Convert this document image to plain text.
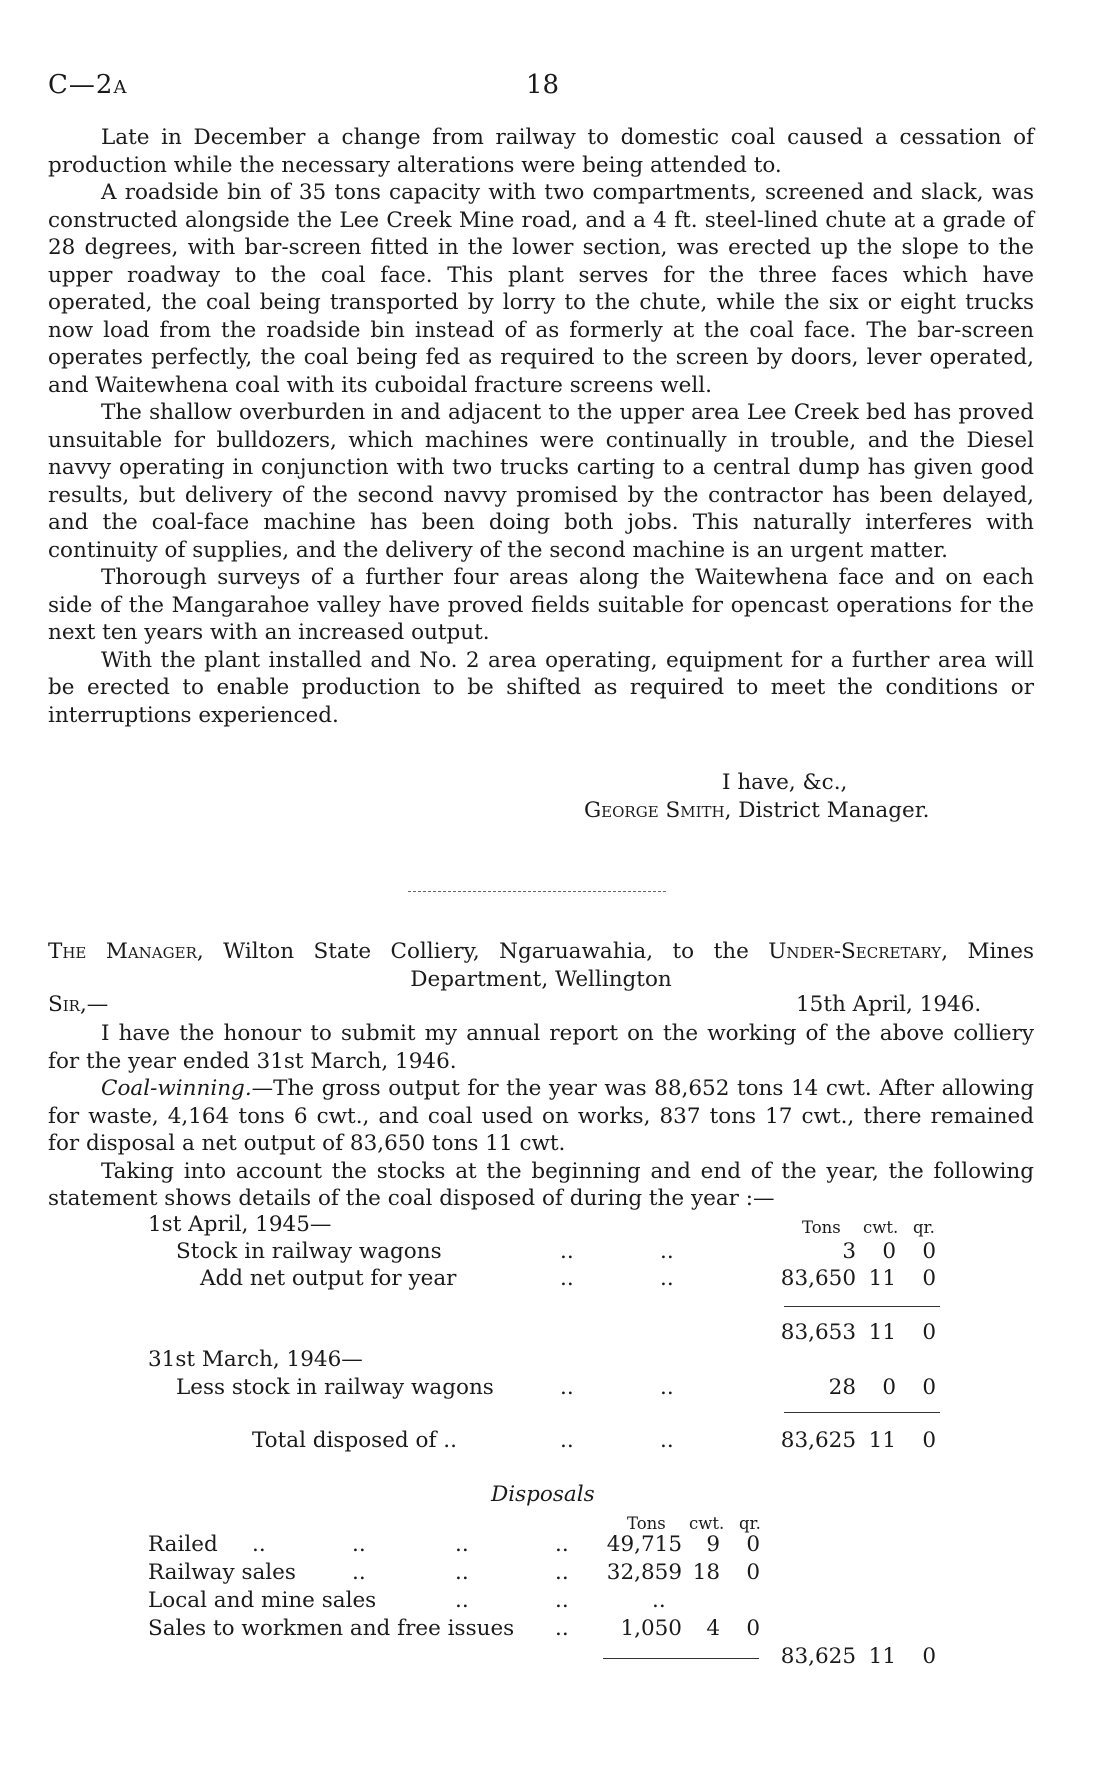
C—2A	18

Late in December a change from railway to domestic coal caused a cessation of production while the necessary alterations were being attended to.

A roadside bin of 35 tons capacity with two compartments, screened and slack, was constructed alongside the Lee Creek Mine road, and a 4 ft. steel-lined chute at a grade of 28 degrees, with bar-screen fitted in the lower section, was erected up the slope to the upper roadway to the coal face. This plant serves for the three faces which have operated, the coal being transported by lorry to the chute, while the six or eight trucks now load from the roadside bin instead of as formerly at the coal face. The bar-screen operates perfectly, the coal being fed as required to the screen by doors, lever operated, and Waitewhena coal with its cuboidal fracture screens well.

The shallow overburden in and adjacent to the upper area Lee Creek bed has proved unsuitable for bulldozers, which machines were continually in trouble, and the Diesel navvy operating in conjunction with two trucks carting to a central dump has given good results, but delivery of the second navvy promised by the contractor has been delayed, and the coal-face machine has been doing both jobs. This naturally interferes with continuity of supplies, and the delivery of the second machine is an urgent matter.

Thorough surveys of a further four areas along the Waitewhena face and on each side of the Mangarahoe valley have proved fields suitable for opencast operations for the next ten years with an increased output.

With the plant installed and No. 2 area operating, equipment for a further area will be erected to enable production to be shifted as required to meet the conditions or interruptions experienced.

I have, &c.,
George Smith, District Manager.
The Manager, Wilton State Colliery, Ngaruawahia, to the Under-Secretary, Mines
Department, Wellington
Sir,—	15th April, 1946.

I have the honour to submit my annual report on the working of the above colliery for the year ended 31st March, 1946.

Coal-winning.—The gross output for the year was 88,652 tons 14 cwt. After allowing for waste, 4,164 tons 6 cwt., and coal used on works, 837 tons 17 cwt., there remained for disposal a net output of 83,650 tons 11 cwt.

Taking into account the stocks at the beginning and end of the year, the following statement shows details of the coal disposed of during the year :—

Tons cwt. qr.
1st April, 1945—
Stock in railway wagons	..	..	3	0	0
Add net output for year	..	..	83,650 11	0
83,653 11	0
31st March, 1946—
Less stock in railway wagons	..	..	28	0	0
Total disposed of ..	..	..	83,625 11	0
Disposals
Tons cwt. qr.
Railed ..	..	..	..	49,715	9	0
Railway sales	..	..	..	32,859 18	0
Local and mine sales	..	..	..
Sales to workmen and free issues ..	1,050	4	0
83,625 11	0
